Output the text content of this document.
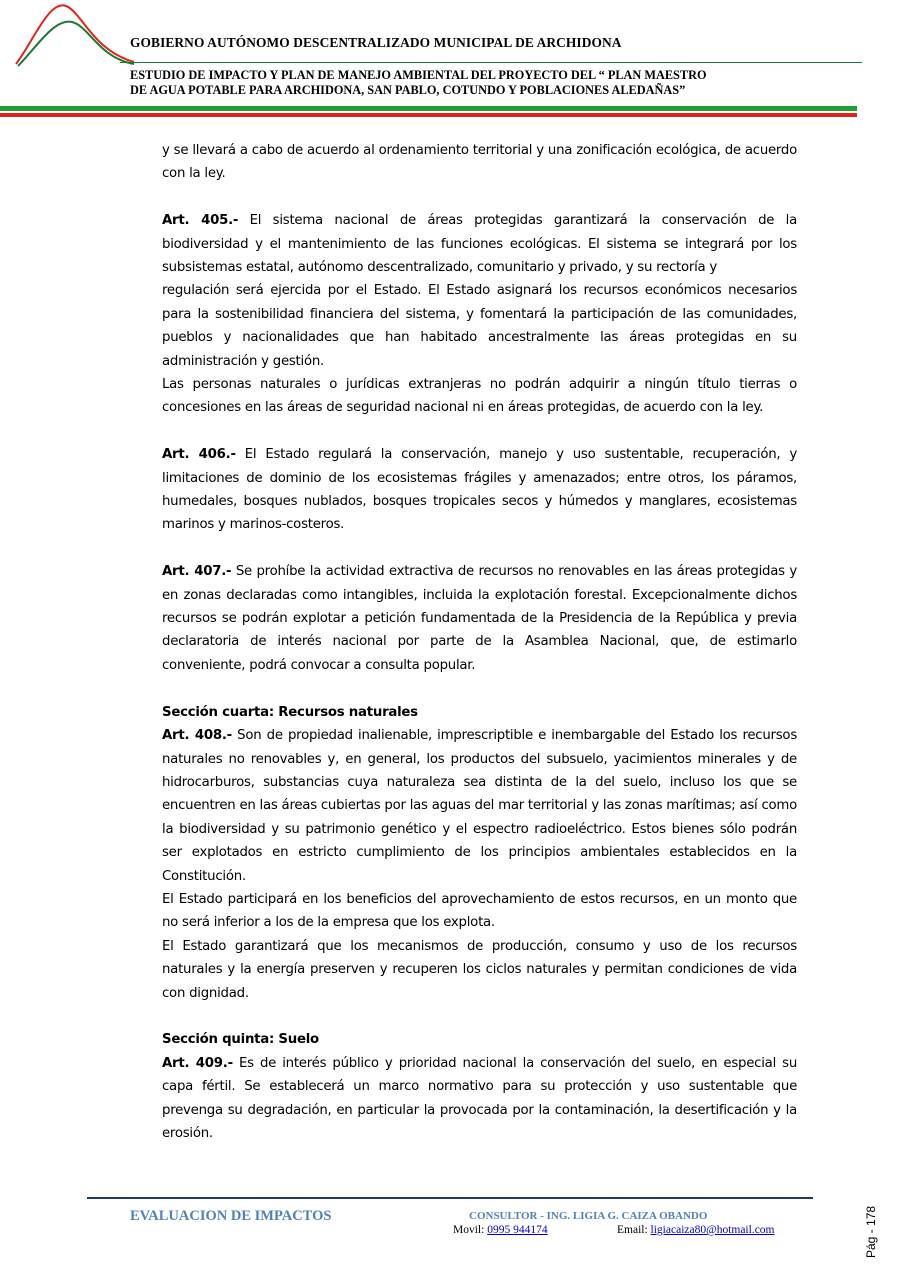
GOBIERNO AUTÓNOMO DESCENTRALIZADO MUNICIPAL DE ARCHIDONA
ESTUDIO DE IMPACTO Y PLAN DE MANEJO AMBIENTAL DEL PROYECTO DEL “ PLAN MAESTRO
DE AGUA POTABLE PARA ARCHIDONA, SAN PABLO, COTUNDO Y POBLACIONES ALEDAÑAS”

y se llevará a cabo de acuerdo al ordenamiento territorial y una zonificación ecológica, de acuerdo con la ley.

Art. 405.- El sistema nacional de áreas protegidas garantizará la conservación de la biodiversidad y el mantenimiento de las funciones ecológicas. El sistema se integrará por los subsistemas estatal, autónomo descentralizado, comunitario y privado, y su rectoría y

regulación será ejercida por el Estado. El Estado asignará los recursos económicos necesarios para la sostenibilidad financiera del sistema, y fomentará la participación de las comunidades, pueblos y nacionalidades que han habitado ancestralmente las áreas protegidas en su administración y gestión.

Las personas naturales o jurídicas extranjeras no podrán adquirir a ningún título tierras o concesiones en las áreas de seguridad nacional ni en áreas protegidas, de acuerdo con la ley.

Art. 406.- El Estado regulará la conservación, manejo y uso sustentable, recuperación, y limitaciones de dominio de los ecosistemas frágiles y amenazados; entre otros, los páramos, humedales, bosques nublados, bosques tropicales secos y húmedos y manglares, ecosistemas marinos y marinos-costeros.

Art. 407.- Se prohíbe la actividad extractiva de recursos no renovables en las áreas protegidas y en zonas declaradas como intangibles, incluida la explotación forestal. Excepcionalmente dichos recursos se podrán explotar a petición fundamentada de la Presidencia de la República y previa declaratoria de interés nacional por parte de la Asamblea Nacional, que, de estimarlo conveniente, podrá convocar a consulta popular.

Sección cuarta: Recursos naturales

Art. 408.- Son de propiedad inalienable, imprescriptible e inembargable del Estado los recursos naturales no renovables y, en general, los productos del subsuelo, yacimientos minerales y de hidrocarburos, substancias cuya naturaleza sea distinta de la del suelo, incluso los que se encuentren en las áreas cubiertas por las aguas del mar territorial y las zonas marítimas; así como la biodiversidad y su patrimonio genético y el espectro radioeléctrico. Estos bienes sólo podrán ser explotados en estricto cumplimiento de los principios ambientales establecidos en la Constitución.

El Estado participará en los beneficios del aprovechamiento de estos recursos, en un monto que no será inferior a los de la empresa que los explota.

El Estado garantizará que los mecanismos de producción, consumo y uso de los recursos naturales y la energía preserven y recuperen los ciclos naturales y permitan condiciones de vida con dignidad.

Sección quinta: Suelo

Art. 409.- Es de interés público y prioridad nacional la conservación del suelo, en especial su capa fértil. Se establecerá un marco normativo para su protección y uso sustentable que prevenga su degradación, en particular la provocada por la contaminación, la desertificación y la erosión.

EVALUACION DE IMPACTOS	CONSULTOR - ING. LIGIA G. CAIZA OBANDO
Movil: 0995 944174	Email: ligiacaiza80@hotmail.com	Pág - 178
